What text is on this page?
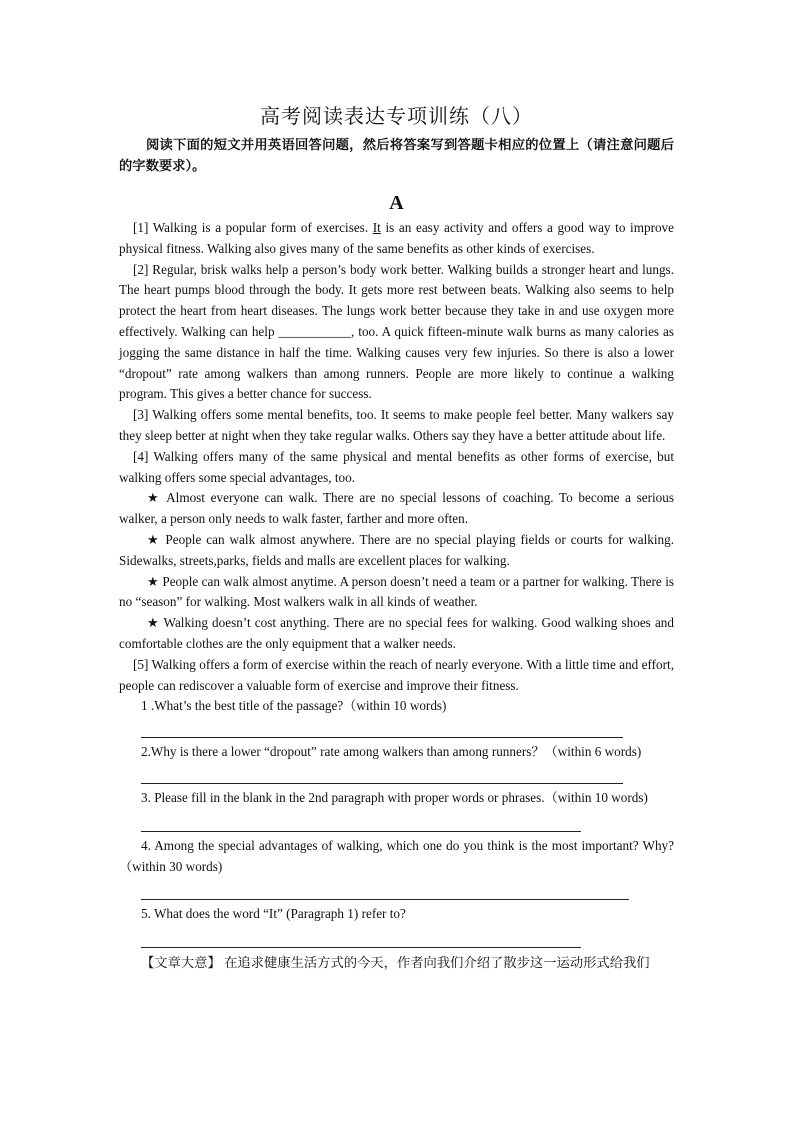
高考阅读表达专项训练（八）
阅读下面的短文并用英语回答问题，然后将答案写到答题卡相应的位置上（请注意问题后的字数要求）。
A

[1] Walking is a popular form of exercises. It is an easy activity and offers a good way to improve physical fitness. Walking also gives many of the same benefits as other kinds of exercises.

[2] Regular, brisk walks help a person’s body work better. Walking builds a stronger heart and lungs. The heart pumps blood through the body. It gets more rest between beats. Walking also seems to help protect the heart from heart diseases. The lungs work better because they take in and use oxygen more effectively. Walking can help ___________, too. A quick fifteen-minute walk burns as many calories as jogging the same distance in half the time. Walking causes very few injuries. So there is also a lower “dropout” rate among walkers than among runners. People are more likely to continue a walking program. This gives a better chance for success.

[3] Walking offers some mental benefits, too. It seems to make people feel better. Many walkers say they sleep better at night when they take regular walks. Others say they have a better attitude about life.

[4] Walking offers many of the same physical and mental benefits as other forms of exercise, but walking offers some special advantages, too.

★ Almost everyone can walk. There are no special lessons of coaching. To become a serious walker, a person only needs to walk faster, farther and more often.

★ People can walk almost anywhere. There are no special playing fields or courts for walking. Sidewalks, streets,parks, fields and malls are excellent places for walking.

★ People can walk almost anytime. A person doesn’t need a team or a partner for walking. There is no “season” for walking. Most walkers walk in all kinds of weather.

★ Walking doesn’t cost anything. There are no special fees for walking. Good walking shoes and comfortable clothes are the only equipment that a walker needs.

[5] Walking offers a form of exercise within the reach of nearly everyone. With a little time and effort, people can rediscover a valuable form of exercise and improve their fitness.

1 .What’s the best title of the passage?（within 10 words)

2.Why is there a lower “dropout” rate among walkers than among runners？（within 6 words)

3. Please fill in the blank in the 2nd paragraph with proper words or phrases.（within 10 words)

4. Among the special advantages of walking, which one do you think is the most important? Why? （within 30 words)

5. What does the word “It” (Paragraph 1) refer to?

【文章大意】 在追求健康生活方式的今天，作者向我们介绍了散步这一运动形式给我们
